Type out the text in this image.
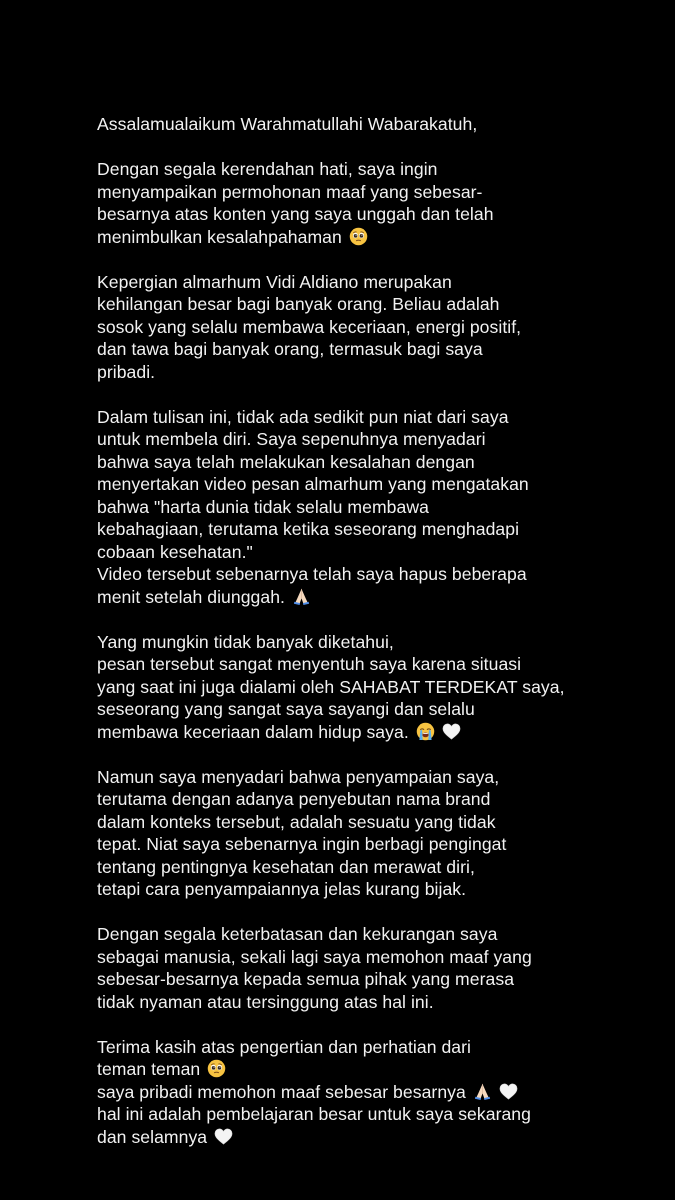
Assalamualaikum Warahmatullahi Wabarakatuh,
Dengan segala kerendahan hati, saya ingin
menyampaikan permohonan maaf yang sebesar-
besarnya atas konten yang saya unggah dan telah
menimbulkan kesalahpahaman
Kepergian almarhum Vidi Aldiano merupakan
kehilangan besar bagi banyak orang. Beliau adalah
sosok yang selalu membawa keceriaan, energi positif,
dan tawa bagi banyak orang, termasuk bagi saya
pribadi.
Dalam tulisan ini, tidak ada sedikit pun niat dari saya
untuk membela diri. Saya sepenuhnya menyadari
bahwa saya telah melakukan kesalahan dengan
menyertakan video pesan almarhum yang mengatakan
bahwa "harta dunia tidak selalu membawa
kebahagiaan, terutama ketika seseorang menghadapi
cobaan kesehatan."
Video tersebut sebenarnya telah saya hapus beberapa
menit setelah diunggah.
Yang mungkin tidak banyak diketahui,
pesan tersebut sangat menyentuh saya karena situasi
yang saat ini juga dialami oleh SAHABAT TERDEKAT saya,
seseorang yang sangat saya sayangi dan selalu
membawa keceriaan dalam hidup saya.

Namun saya menyadari bahwa penyampaian saya,
terutama dengan adanya penyebutan nama brand
dalam konteks tersebut, adalah sesuatu yang tidak
tepat. Niat saya sebenarnya ingin berbagi pengingat
tentang pentingnya kesehatan dan merawat diri,
tetapi cara penyampaiannya jelas kurang bijak.
Dengan segala keterbatasan dan kekurangan saya
sebagai manusia, sekali lagi saya memohon maaf yang
sebesar-besarnya kepada semua pihak yang merasa
tidak nyaman atau tersinggung atas hal ini.
Terima kasih atas pengertian dan perhatian dari
teman teman
saya pribadi memohon maaf sebesar besarnya

hal ini adalah pembelajaran besar untuk saya sekarang
dan selamnya
